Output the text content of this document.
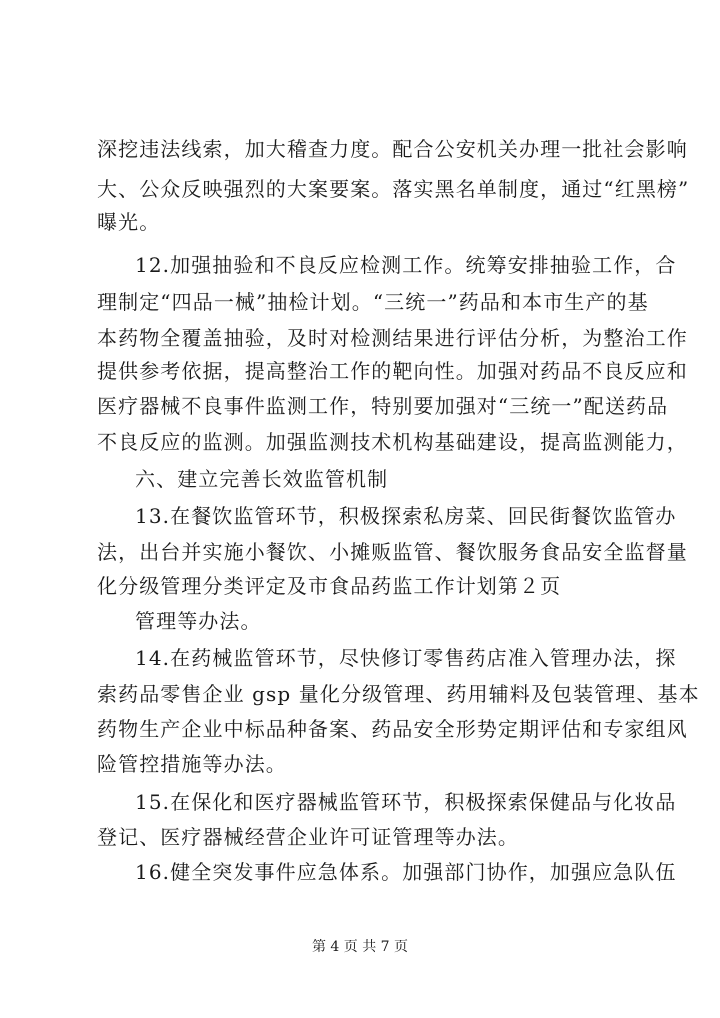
深挖违法线索，加大稽查力度。配合公安机关办理一批社会影响
大、公众反映强烈的大案要案。落实黑名单制度，通过“红黑榜”
曝光。
12.加强抽验和不良反应检测工作。统筹安排抽验工作，合
理制定“四品一械”抽检计划。“三统一”药品和本市生产的基
本药物全覆盖抽验，及时对检测结果进行评估分析，为整治工作
提供参考依据，提高整治工作的靶向性。加强对药品不良反应和
医疗器械不良事件监测工作，特别要加强对“三统一”配送药品
不良反应的监测。加强监测技术机构基础建设，提高监测能力，
六、建立完善长效监管机制
13.在餐饮监管环节，积极探索私房菜、回民街餐饮监管办
法，出台并实施小餐饮、小摊贩监管、餐饮服务食品安全监督量
化分级管理分类评定及市食品药监工作计划第２页
管理等办法。
14.在药械监管环节，尽快修订零售药店准入管理办法，探
索药品零售企业 gsp 量化分级管理、药用辅料及包装管理、基本
药物生产企业中标品种备案、药品安全形势定期评估和专家组风
险管控措施等办法。
15.在保化和医疗器械监管环节，积极探索保健品与化妆品
登记、医疗器械经营企业许可证管理等办法。
16.健全突发事件应急体系。加强部门协作，加强应急队伍
第 4 页 共 7 页
